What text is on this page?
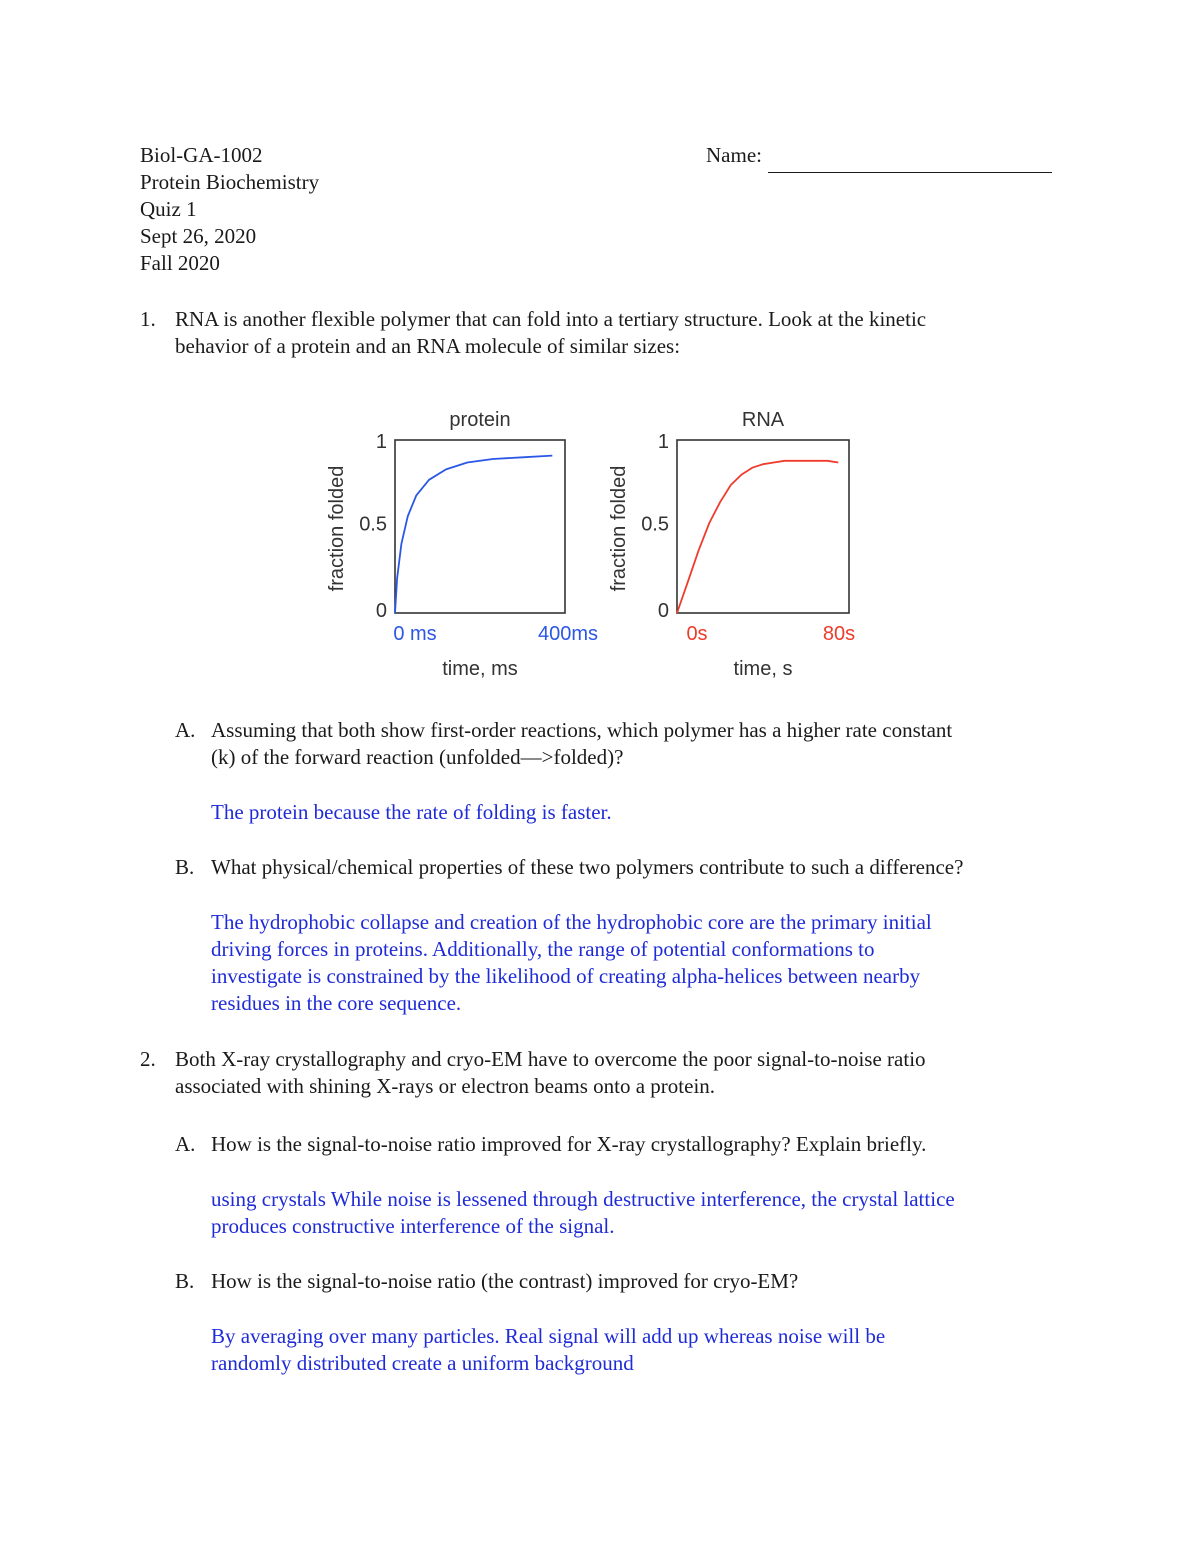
Biol-GA-1002	Name:
Protein Biochemistry
Quiz 1
Sept 26, 2020
Fall 2020
1. RNA is another flexible polymer that can fold into a tertiary structure. Look at the kinetic
behavior of a protein and an RNA molecule of similar sizes:
protein
0
0.5
1
fraction folded
0 ms	400ms
time, ms
RNA
0
0.5
1
fraction folded
0s	80s
time, s
A. Assuming that both show first-order reactions, which polymer has a higher rate constant
(k) of the forward reaction (unfolded—>folded)?
The protein because the rate of folding is faster.
B. What physical/chemical properties of these two polymers contribute to such a difference?
The hydrophobic collapse and creation of the hydrophobic core are the primary initial
driving forces in proteins. Additionally, the range of potential conformations to
investigate is constrained by the likelihood of creating alpha-helices between nearby
residues in the core sequence.
2. Both X-ray crystallography and cryo-EM have to overcome the poor signal-to-noise ratio
associated with shining X-rays or electron beams onto a protein.
A. How is the signal-to-noise ratio improved for X-ray crystallography? Explain briefly.
using crystals While noise is lessened through destructive interference, the crystal lattice
produces constructive interference of the signal.
B. How is the signal-to-noise ratio (the contrast) improved for cryo-EM?
By averaging over many particles. Real signal will add up whereas noise will be
randomly distributed create a uniform background
